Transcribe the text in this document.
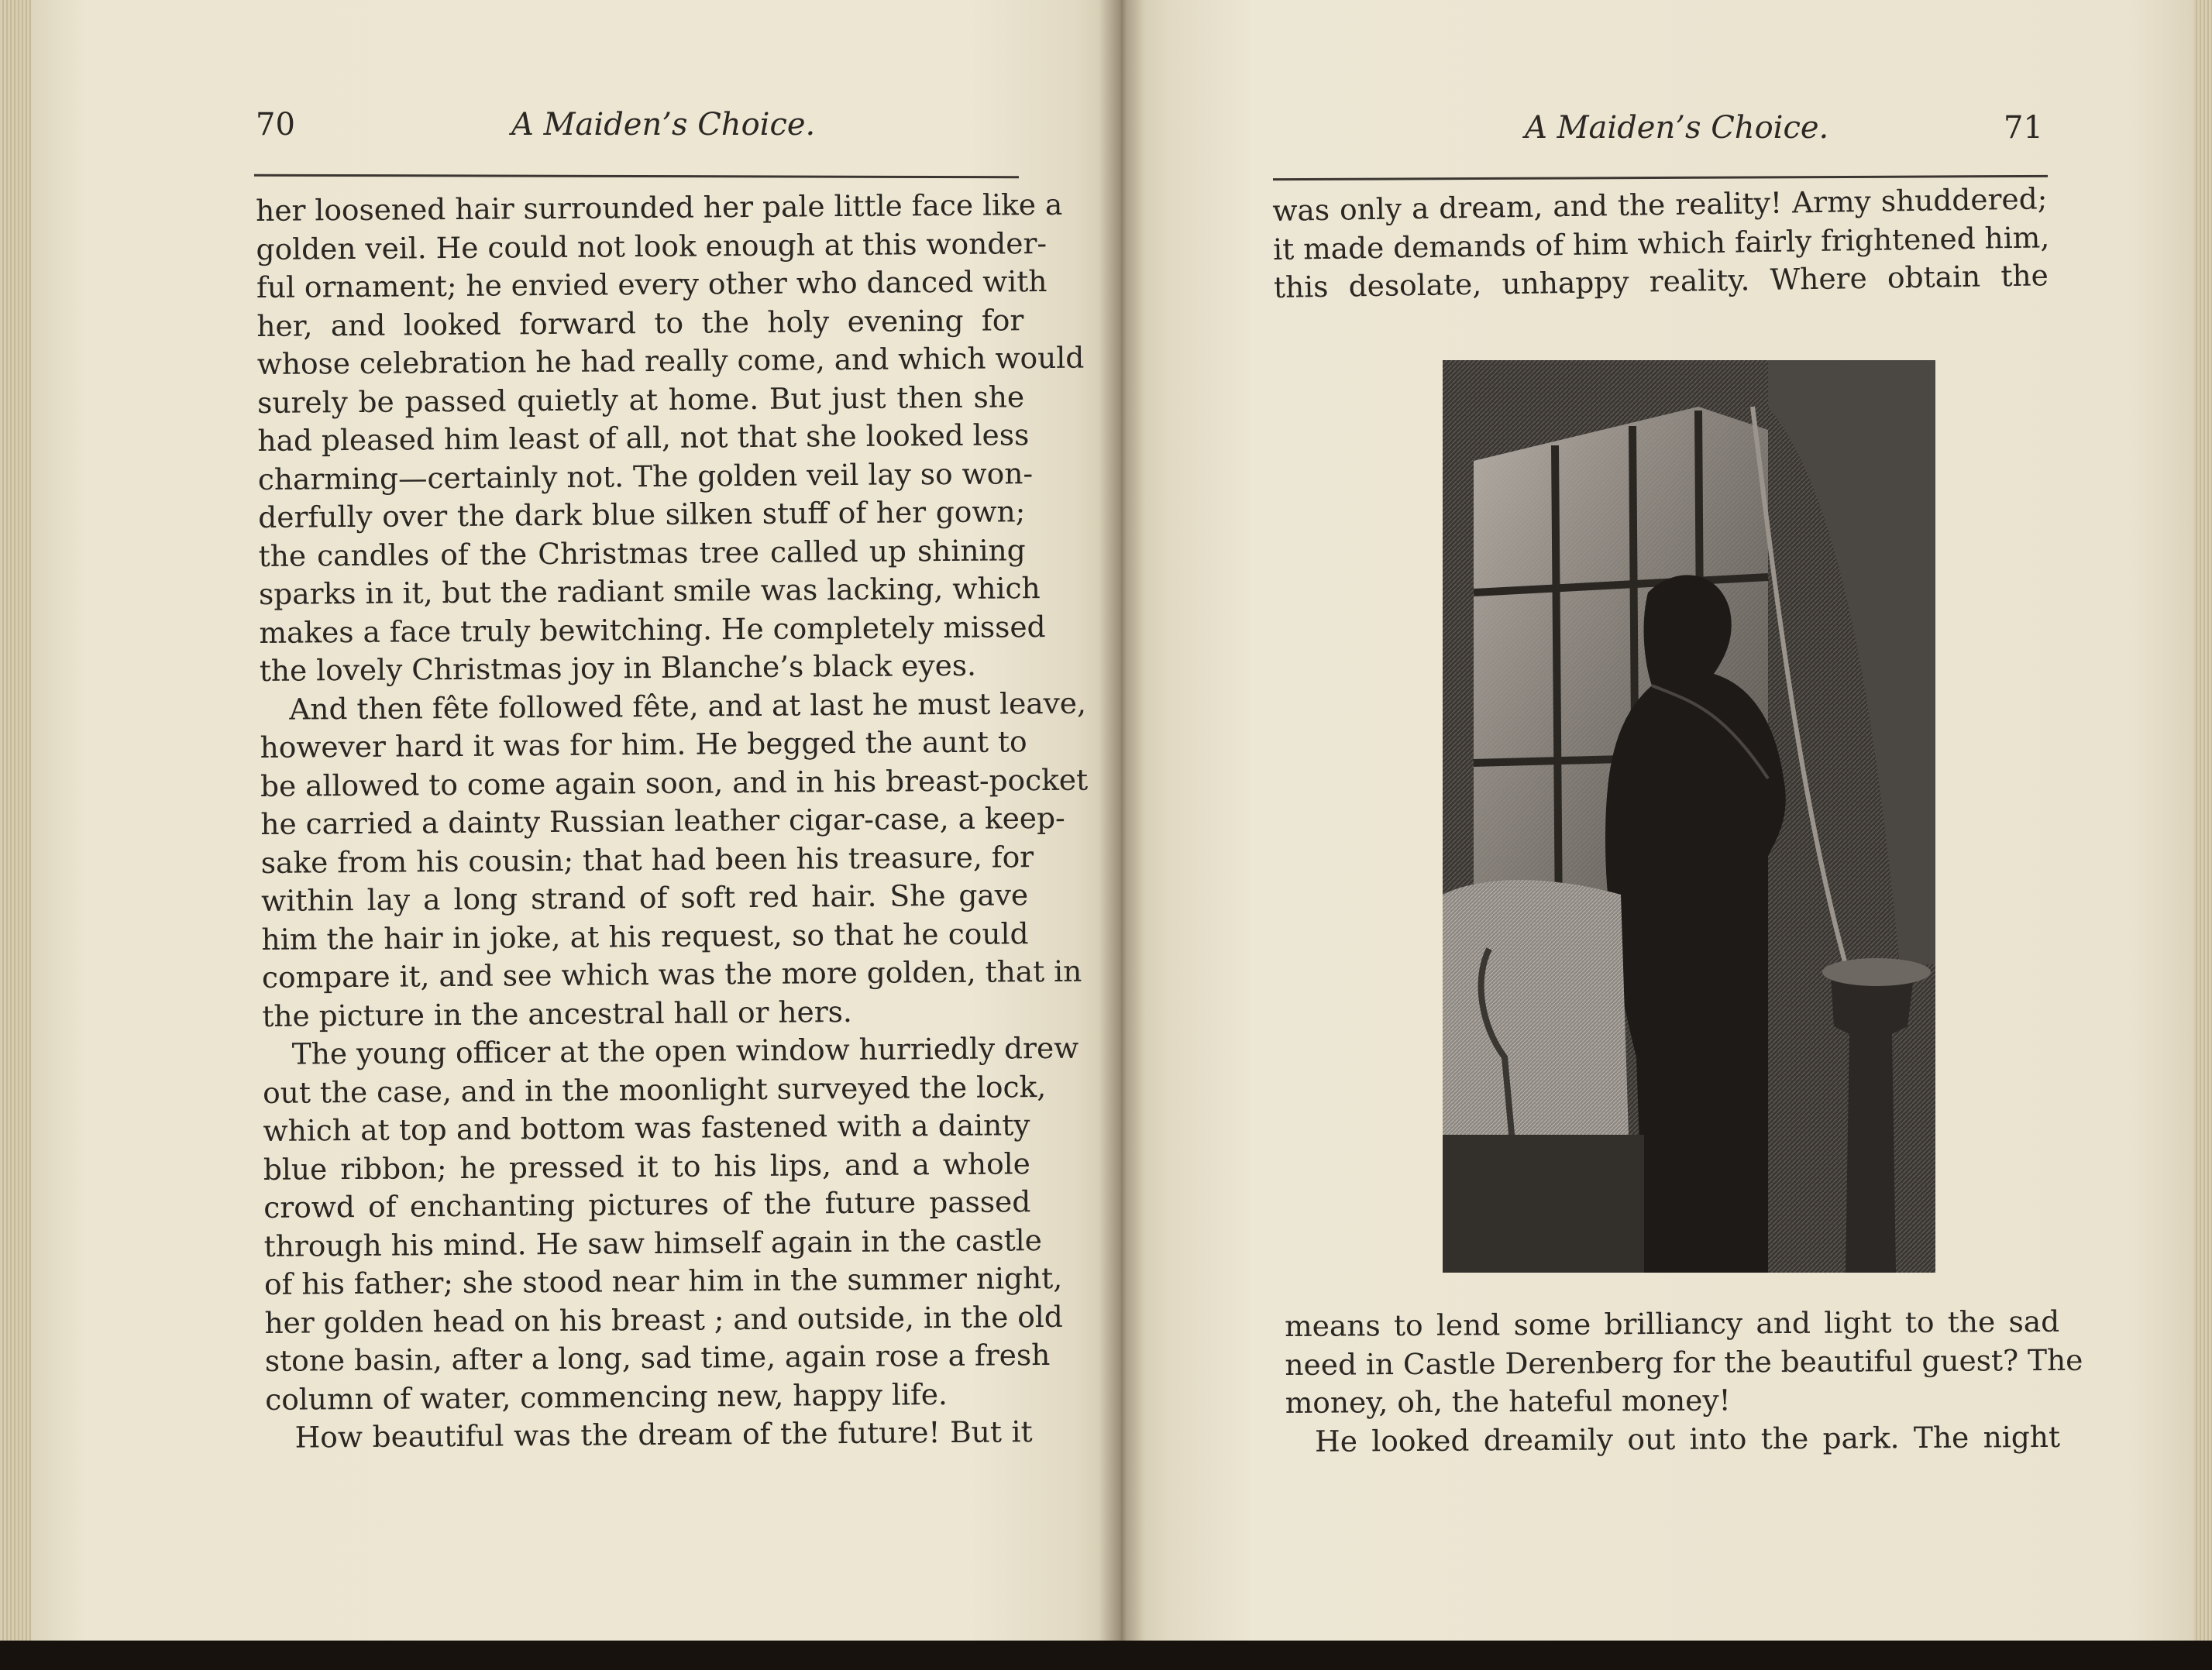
70	A Maiden’s Choice.
her loosened hair surrounded her pale little face like a
golden veil. He could not look enough at this wonder-
ful ornament; he envied every other who danced with
her, and looked forward to the holy evening for
whose celebration he had really come, and which would
surely be passed quietly at home. But just then she
had pleased him least of all, not that she looked less
charming—certainly not. The golden veil lay so won-
derfully over the dark blue silken stuff of her gown;
the candles of the Christmas tree called up shining
sparks in it, but the radiant smile was lacking, which
makes a face truly bewitching. He completely missed
the lovely Christmas joy in Blanche’s black eyes.
And then fête followed fête, and at last he must leave,
however hard it was for him. He begged the aunt to
be allowed to come again soon, and in his breast-pocket
he carried a dainty Russian leather cigar-case, a keep-
sake from his cousin; that had been his treasure, for
within lay a long strand of soft red hair. She gave
him the hair in joke, at his request, so that he could
compare it, and see which was the more golden, that in
the picture in the ancestral hall or hers.
The young officer at the open window hurriedly drew
out the case, and in the moonlight surveyed the lock,
which at top and bottom was fastened with a dainty
blue ribbon; he pressed it to his lips, and a whole
crowd of enchanting pictures of the future passed
through his mind. He saw himself again in the castle
of his father; she stood near him in the summer night,
her golden head on his breast ; and outside, in the old
stone basin, after a long, sad time, again rose a fresh
column of water, commencing new, happy life.
How beautiful was the dream of the future! But it
A Maiden’s Choice.	71
was only a dream, and the reality! Army shuddered;
it made demands of him which fairly frightened him,
this desolate, unhappy reality. Where obtain the
means to lend some brilliancy and light to the sad
need in Castle Derenberg for the beautiful guest? The
money, oh, the hateful money!
He looked dreamily out into the park. The night
